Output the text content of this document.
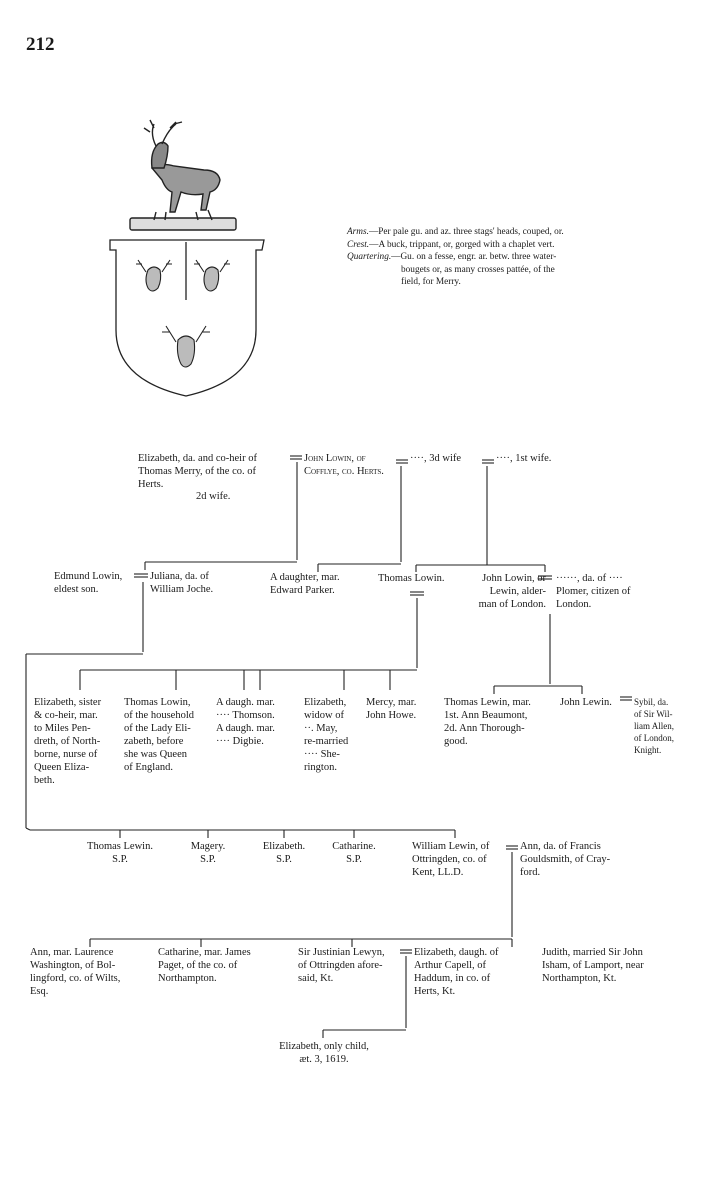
212
Arms.—Per pale gu. and az. three stags' heads, couped, or.
Crest.—A buck, trippant, or, gorged with a chaplet vert.
Quartering.—Gu. on a fesse, engr. ar. betw. three water-
bougets or, as many crosses pattée, of the
field, for Merry.
Elizabeth, da. and co-heir of
Thomas Merry, of the co. of
Herts.
2d wife.
John Lowin, of
Cofflye, co. Herts.
····, 3d wife	····, 1st wife.
Edmund Lowin,
eldest son.
Juliana, da. of
William Joche.
A daughter, mar.
Edward Parker.
Thomas Lowin.	John Lowin, or
Lewin, alder-
man of London.
······, da. of ····
Plomer, citizen of
London.
Elizabeth, sister
& co-heir, mar.
to Miles Pen-
dreth, of North-
borne, nurse of
Queen Eliza-
beth.
Thomas Lowin,
of the household
of the Lady Eli-
zabeth, before
she was Queen
of England.
A daugh. mar.
···· Thomson.
A daugh. mar.
···· Digbie.
Elizabeth,
widow of
··. May,
re-married
···· She-
rington.
Mercy, mar.
John Howe.
Thomas Lewin, mar.
1st. Ann Beaumont,
2d. Ann Thorough-
good.
John Lewin. Sybil, da.
of Sir Wil-
liam Allen,
of London,
Knight.
Thomas Lewin.
S.P.
Magery.
S.P.
Elizabeth.
S.P.
Catharine.
S.P.
William Lewin, of
Ottringden, co. of
Kent, LL.D.
Ann, da. of Francis
Gouldsmith, of Cray-
ford.
Ann, mar. Laurence
Washington, of Bol-
lingford, co. of Wilts,
Esq.
Catharine, mar. James
Paget, of the co. of
Northampton.
Sir Justinian Lewyn,
of Ottringden afore-
said, Kt.
Elizabeth, daugh. of
Arthur Capell, of
Haddum, in co. of
Herts, Kt.
Judith, married Sir John
Isham, of Lamport, near
Northampton, Kt.
Elizabeth, only child,
æt. 3, 1619.
